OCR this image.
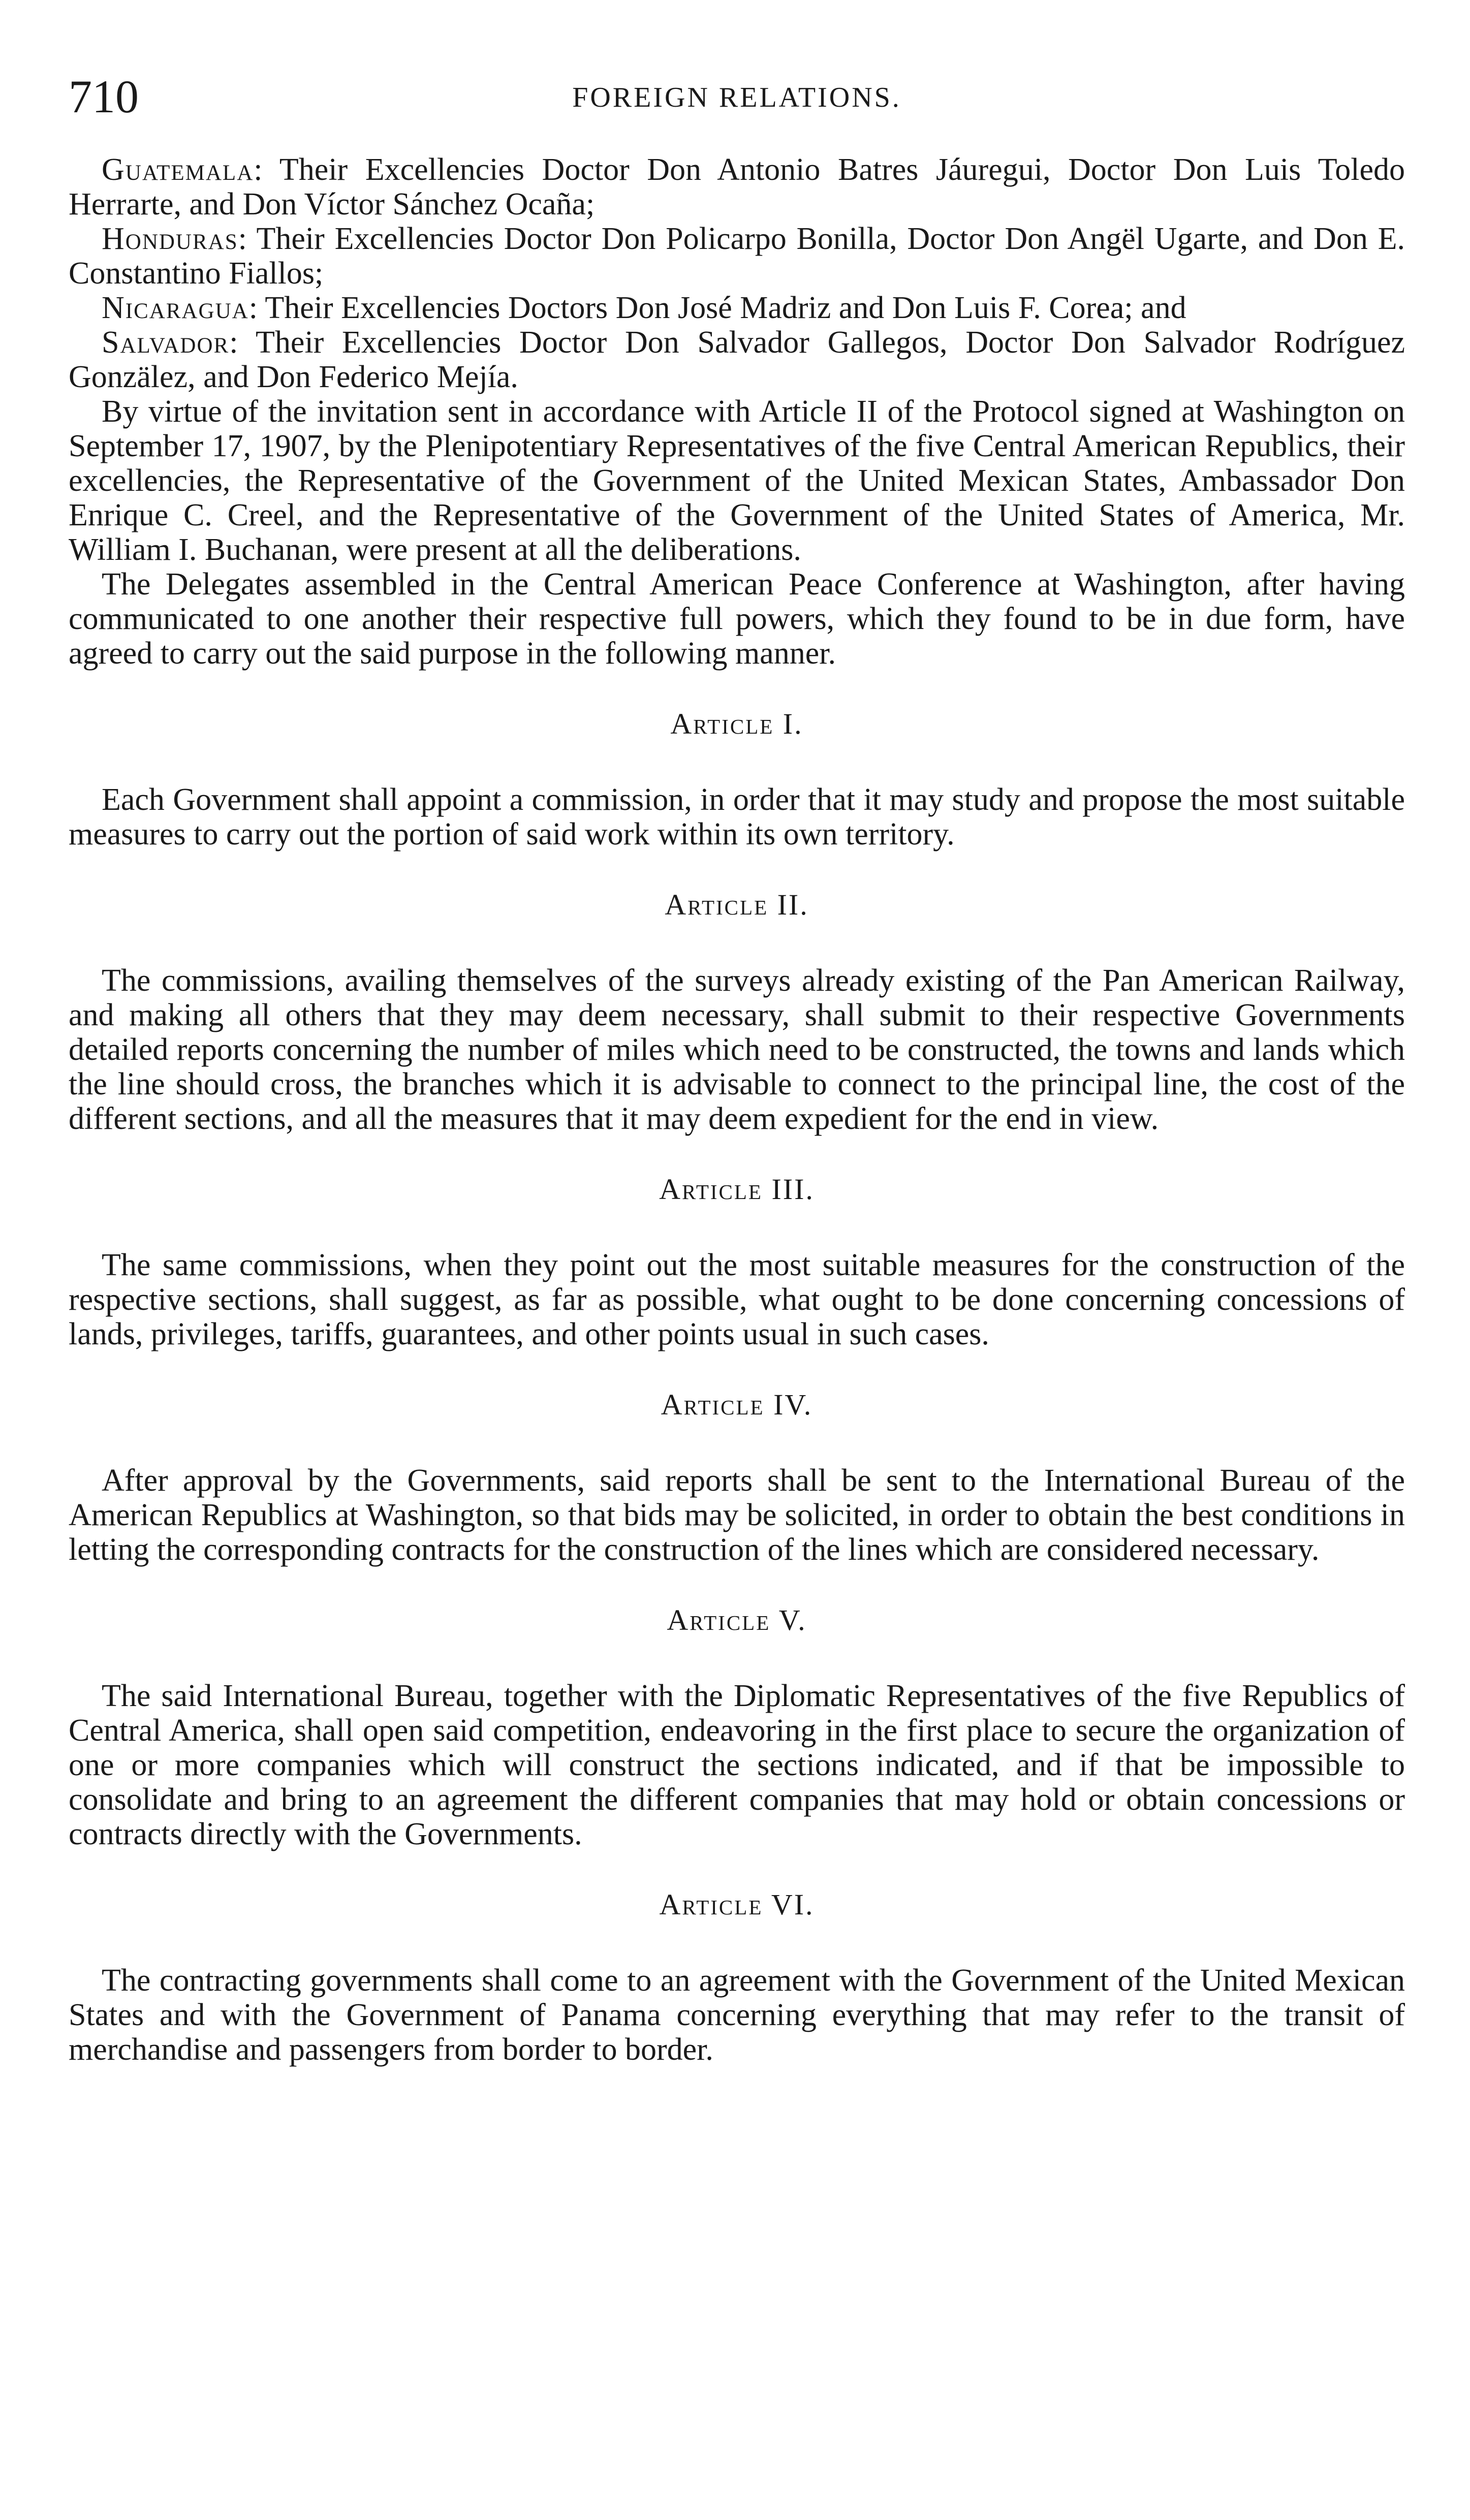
710	FOREIGN RELATIONS.

Guatemala: Their Excellencies Doctor Don Antonio Batres Jáuregui, Doctor Don Luis Toledo Herrarte, and Don Víctor Sánchez Ocaña;

Honduras: Their Excellencies Doctor Don Policarpo Bonilla, Doctor Don Angël Ugarte, and Don E. Constantino Fiallos;

Nicaragua: Their Excellencies Doctors Don José Madriz and Don Luis F. Corea; and

Salvador: Their Excellencies Doctor Don Salvador Gallegos, Doctor Don Salvador Rodríguez Gonzälez, and Don Federico Mejía.

By virtue of the invitation sent in accordance with Article II of the Protocol signed at Washington on September 17, 1907, by the Plenipotentiary Representatives of the five Central American Republics, their excellencies, the Representative of the Government of the United Mexican States, Ambassador Don Enrique C. Creel, and the Representative of the Government of the United States of America, Mr. William I. Buchanan, were present at all the deliberations.

The Delegates assembled in the Central American Peace Conference at Washington, after having communicated to one another their respective full powers, which they found to be in due form, have agreed to carry out the said purpose in the following manner.

Article I.

Each Government shall appoint a commission, in order that it may study and propose the most suitable measures to carry out the portion of said work within its own territory.

Article II.

The commissions, availing themselves of the surveys already existing of the Pan American Railway, and making all others that they may deem necessary, shall submit to their respective Governments detailed reports concerning the number of miles which need to be constructed, the towns and lands which the line should cross, the branches which it is advisable to connect to the principal line, the cost of the different sections, and all the measures that it may deem expedient for the end in view.

Article III.

The same commissions, when they point out the most suitable measures for the construction of the respective sections, shall suggest, as far as possible, what ought to be done concerning concessions of lands, privileges, tariffs, guarantees, and other points usual in such cases.

Article IV.

After approval by the Governments, said reports shall be sent to the International Bureau of the American Republics at Washington, so that bids may be solicited, in order to obtain the best conditions in letting the corresponding contracts for the construction of the lines which are considered necessary.

Article V.

The said International Bureau, together with the Diplomatic Representatives of the five Republics of Central America, shall open said competition, endeavoring in the first place to secure the organization of one or more companies which will construct the sections indicated, and if that be impossible to consolidate and bring to an agreement the different companies that may hold or obtain concessions or contracts directly with the Governments.

Article VI.

The contracting governments shall come to an agreement with the Government of the United Mexican States and with the Government of Panama concerning everything that may refer to the transit of merchandise and passengers from border to border.
